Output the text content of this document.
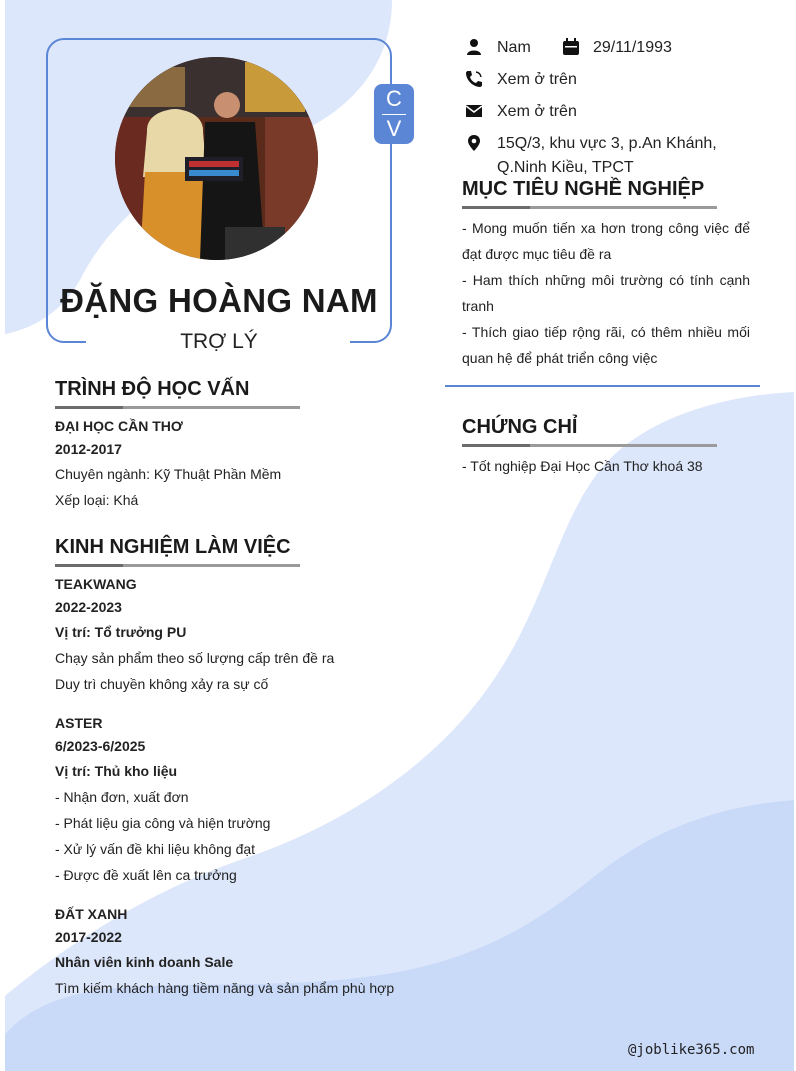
C
V
ĐẶNG HOÀNG NAM
TRỢ LÝ
Nam	29/11/1993
Xem ở trên
Xem ở trên
15Q/3, khu vực 3, p.An Khánh,
Q.Ninh Kiều, TPCT
MỤC TIÊU NGHỀ NGHIỆP
- Mong muốn tiến xa hơn trong công việc để đạt được mục tiêu đề ra
- Ham thích những môi trường có tính cạnh tranh
- Thích giao tiếp rộng rãi, có thêm nhiều mối quan hệ để phát triển công việc
CHỨNG CHỈ
- Tốt nghiệp Đại Học Cần Thơ khoá 38
TRÌNH ĐỘ HỌC VẤN
ĐẠI HỌC CẦN THƠ
2012-2017
Chuyên ngành: Kỹ Thuật Phần Mềm
Xếp loại: Khá
KINH NGHIỆM LÀM VIỆC
TEAKWANG
2022-2023
Vị trí: Tổ trưởng PU
Chạy sản phẩm theo số lượng cấp trên đề ra
Duy trì chuyền không xảy ra sự cố
ASTER
6/2023-6/2025
Vị trí: Thủ kho liệu
- Nhận đơn, xuất đơn
- Phát liệu gia công và hiện trường
- Xử lý vấn đề khi liệu không đạt
- Được đề xuất lên ca trưởng
ĐẤT XANH
2017-2022
Nhân viên kinh doanh Sale
Tìm kiếm khách hàng tiềm năng và sản phẩm phù hợp
@joblike365.com
